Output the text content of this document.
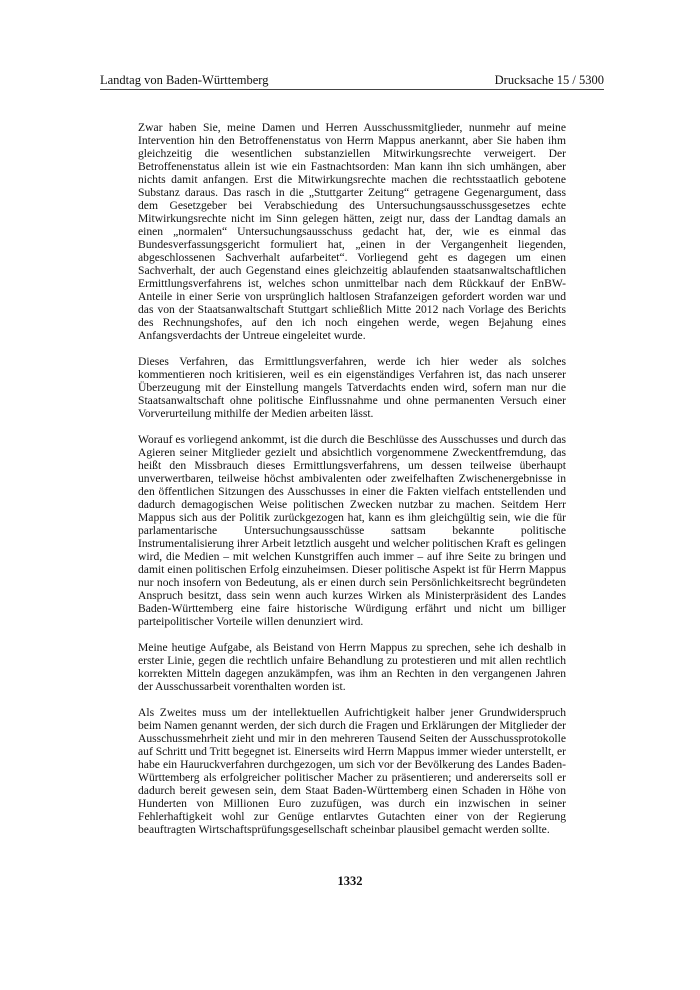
Landtag von Baden-Württemberg	Drucksache 15 / 5300

Zwar haben Sie, meine Damen und Herren Ausschussmitglieder, nunmehr auf meine Intervention hin den Betroffenenstatus von Herrn Mappus anerkannt, aber Sie haben ihm gleichzeitig die wesentlichen substanziellen Mitwirkungsrechte verweigert. Der Betroffenenstatus allein ist wie ein Fastnachtsorden: Man kann ihn sich umhängen, aber nichts damit anfangen. Erst die Mitwirkungsrechte machen die rechtsstaatlich gebotene Substanz daraus. Das rasch in die „Stuttgarter Zeitung“ getragene Gegenargument, dass dem Gesetzgeber bei Verabschiedung des Untersuchungsausschussgesetzes echte Mitwirkungsrechte nicht im Sinn gelegen hätten, zeigt nur, dass der Landtag damals an einen „normalen“ Untersuchungsausschuss gedacht hat, der, wie es einmal das Bundesverfassungsgericht formuliert hat, „einen in der Vergangenheit liegenden, abgeschlossenen Sachverhalt aufarbeitet“. Vorliegend geht es dagegen um einen Sachverhalt, der auch Gegenstand eines gleichzeitig ablaufenden staatsanwaltschaftlichen Ermittlungsverfahrens ist, welches schon unmittelbar nach dem Rückkauf der EnBW-Anteile in einer Serie von ursprünglich haltlosen Strafanzeigen gefordert worden war und das von der Staatsanwaltschaft Stuttgart schließlich Mitte 2012 nach Vorlage des Berichts des Rechnungshofes, auf den ich noch eingehen werde, wegen Bejahung eines Anfangsverdachts der Untreue eingeleitet wurde.

Dieses Verfahren, das Ermittlungsverfahren, werde ich hier weder als solches kommentieren noch kritisieren, weil es ein eigenständiges Verfahren ist, das nach unserer Überzeugung mit der Einstellung mangels Tatverdachts enden wird, sofern man nur die Staatsanwaltschaft ohne politische Einflussnahme und ohne permanenten Versuch einer Vorverurteilung mithilfe der Medien arbeiten lässt.

Worauf es vorliegend ankommt, ist die durch die Beschlüsse des Ausschusses und durch das Agieren seiner Mitglieder gezielt und absichtlich vorgenommene Zweckentfremdung, das heißt den Missbrauch dieses Ermittlungsverfahrens, um dessen teilweise überhaupt unverwertbaren, teilweise höchst ambivalenten oder zweifelhaften Zwischenergebnisse in den öffentlichen Sitzungen des Ausschusses in einer die Fakten vielfach entstellenden und dadurch demagogischen Weise politischen Zwecken nutzbar zu machen. Seitdem Herr Mappus sich aus der Politik zurückgezogen hat, kann es ihm gleichgültig sein, wie die für parlamentarische Untersuchungsausschüsse sattsam bekannte politische Instrumentalisierung ihrer Arbeit letztlich ausgeht und welcher politischen Kraft es gelingen wird, die Medien – mit welchen Kunstgriffen auch immer – auf ihre Seite zu bringen und damit einen politischen Erfolg einzuheimsen. Dieser politische Aspekt ist für Herrn Mappus nur noch insofern von Bedeutung, als er einen durch sein Persönlichkeitsrecht begründeten Anspruch besitzt, dass sein wenn auch kurzes Wirken als Ministerpräsident des Landes Baden-Württemberg eine faire historische Würdigung erfährt und nicht um billiger parteipolitischer Vorteile willen denunziert wird.

Meine heutige Aufgabe, als Beistand von Herrn Mappus zu sprechen, sehe ich deshalb in erster Linie, gegen die rechtlich unfaire Behandlung zu protestieren und mit allen rechtlich korrekten Mitteln dagegen anzukämpfen, was ihm an Rechten in den vergangenen Jahren der Ausschussarbeit vorenthalten worden ist.

Als Zweites muss um der intellektuellen Aufrichtigkeit halber jener Grundwiderspruch beim Namen genannt werden, der sich durch die Fragen und Erklärungen der Mitglieder der Ausschussmehrheit zieht und mir in den mehreren Tausend Seiten der Ausschussprotokolle auf Schritt und Tritt begegnet ist. Einerseits wird Herrn Mappus immer wieder unterstellt, er habe ein Hauruckverfahren durchgezogen, um sich vor der Bevölkerung des Landes Baden-Württemberg als erfolgreicher politischer Macher zu präsentieren; und andererseits soll er dadurch bereit gewesen sein, dem Staat Baden-Württemberg einen Schaden in Höhe von Hunderten von Millionen Euro zuzufügen, was durch ein inzwischen in seiner Fehlerhaftigkeit wohl zur Genüge entlarvtes Gutachten einer von der Regierung beauftragten Wirtschaftsprüfungsgesellschaft scheinbar plausibel gemacht werden sollte.

1332
